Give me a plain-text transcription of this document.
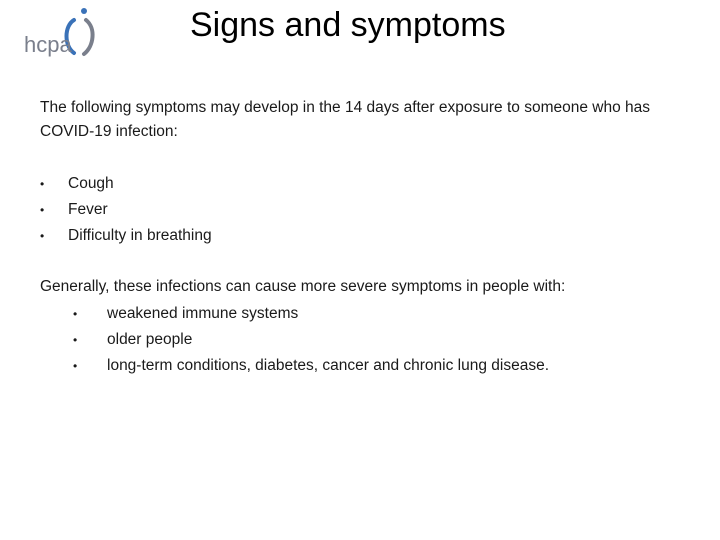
hcpa
Signs and symptoms

The following symptoms may develop in the 14 days after exposure to someone who has COVID-19 infection:

•	Cough
•	Fever
•	Difficulty in breathing

Generally, these infections can cause more severe symptoms in people with:

•	weakened immune systems
•	older people
•	long-term conditions, diabetes, cancer and chronic lung disease.
